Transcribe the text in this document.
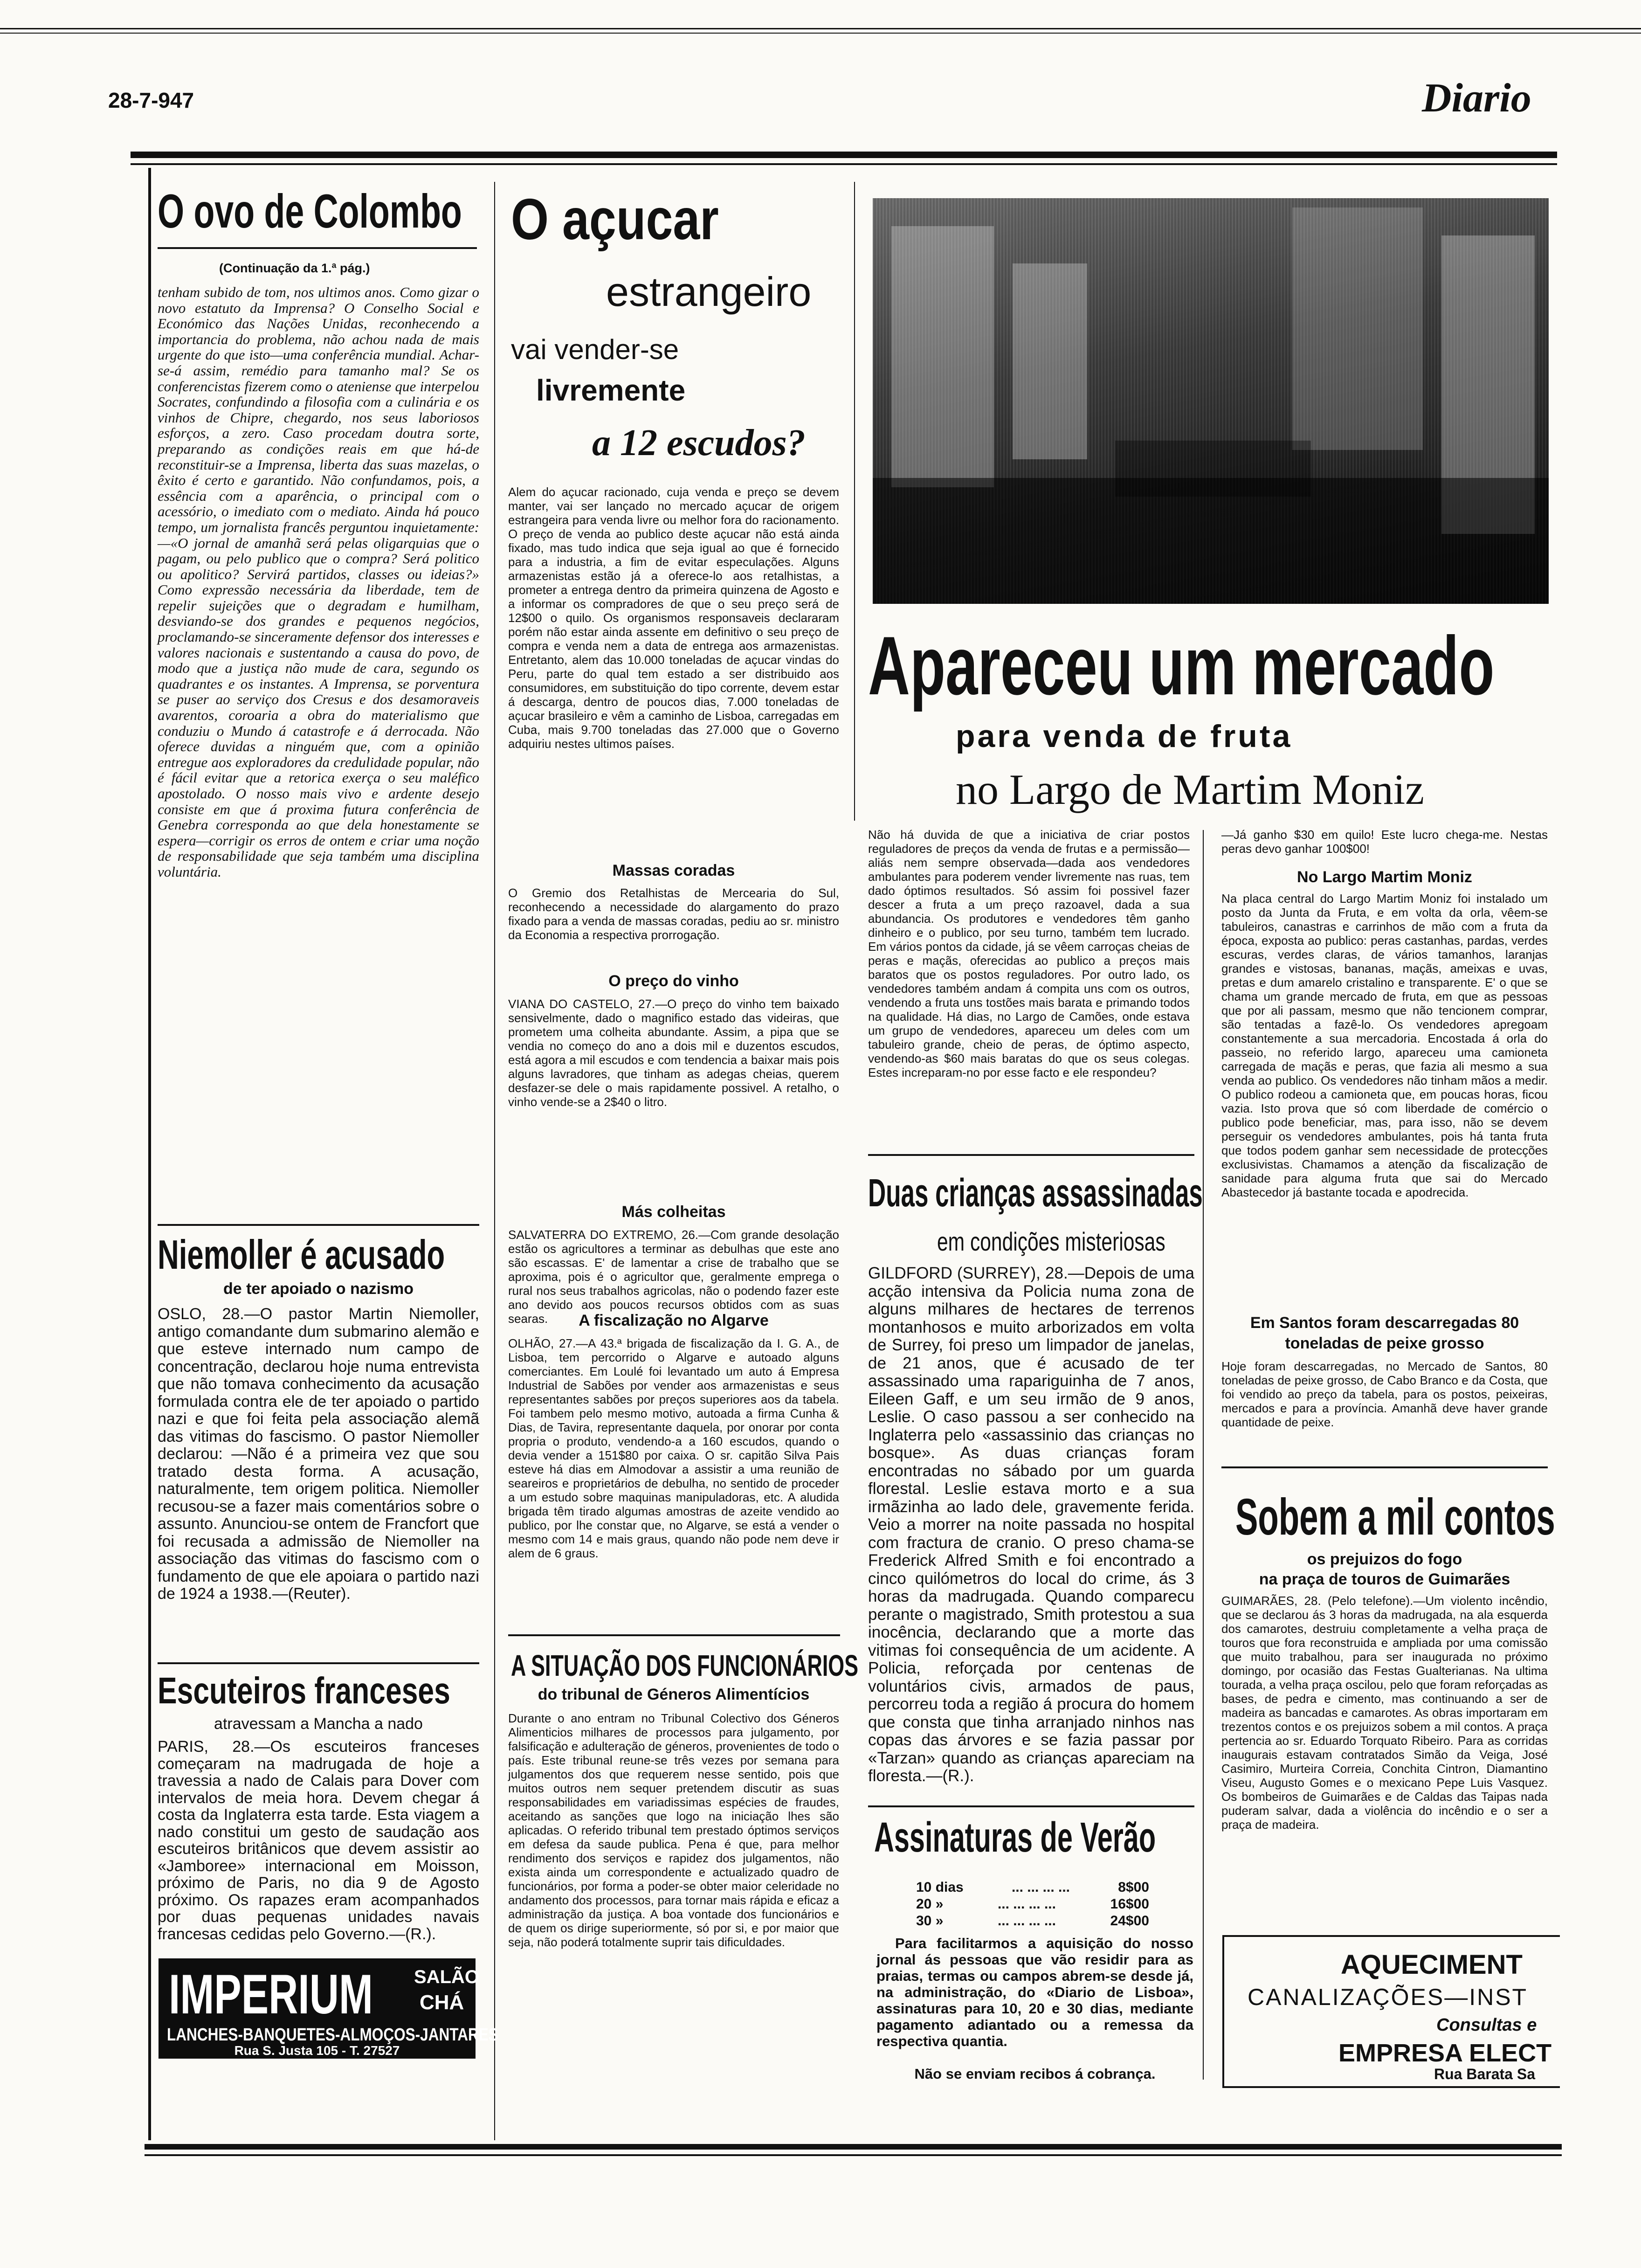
28-7-947	Diario
O ovo de Colombo
(Continuação da 1.ª pág.)

tenham subido de tom, nos ultimos anos. Como gizar o novo estatuto da Imprensa? O Conselho Social e Económico das Nações Unidas, reconhecendo a importancia do problema, não achou nada de mais urgente do que isto—uma conferência mundial. Achar-se-á assim, remédio para tamanho mal? Se os conferencistas fizerem como o ateniense que interpelou Socrates, confundindo a filosofia com a culinária e os vinhos de Chipre, chegardo, nos seus laboriosos esforços, a zero. Caso procedam doutra sorte, preparando as condições reais em que há-de reconstituir-se a Imprensa, liberta das suas mazelas, o êxito é certo e garantido. Não confundamos, pois, a essência com a aparência, o principal com o acessório, o imediato com o mediato. Ainda há pouco tempo, um jornalista francês perguntou inquietamente: —«O jornal de amanhã será pelas oligarquias que o pagam, ou pelo publico que o compra? Será politico ou apolitico? Servirá partidos, classes ou ideias?» Como expressão necessária da liberdade, tem de repelir sujeições que o degradam e humilham, desviando-se dos grandes e pequenos negócios, proclamando-se sinceramente defensor dos interesses e valores nacionais e sustentando a causa do povo, de modo que a justiça não mude de cara, segundo os quadrantes e os instantes. A Imprensa, se porventura se puser ao serviço dos Cresus e dos desamoraveis avarentos, coroaria a obra do materialismo que conduziu o Mundo á catastrofe e á derrocada. Não oferece duvidas a ninguém que, com a opinião entregue aos exploradores da credulidade popular, não é fácil evitar que a retorica exerça o seu maléfico apostolado. O nosso mais vivo e ardente desejo consiste em que á proxima futura conferência de Genebra corresponda ao que dela honestamente se espera—corrigir os erros de ontem e criar uma noção de responsabilidade que seja também uma disciplina voluntária.

Niemoller é acusado
de ter apoiado o nazismo

OSLO, 28.—O pastor Martin Niemoller, antigo comandante dum submarino alemão e que esteve internado num campo de concentração, declarou hoje numa entrevista que não tomava conhecimento da acusação formulada contra ele de ter apoiado o partido nazi e que foi feita pela associação alemã das vitimas do fascismo. O pastor Niemoller declarou: —Não é a primeira vez que sou tratado desta forma. A acusação, naturalmente, tem origem politica. Niemoller recusou-se a fazer mais comentários sobre o assunto. Anunciou-se ontem de Francfort que foi recusada a admissão de Niemoller na associação das vitimas do fascismo com o fundamento de que ele apoiara o partido nazi de 1924 a 1938.—(Reuter).

Escuteiros franceses
atravessam a Mancha a nado

PARIS, 28.—Os escuteiros franceses começaram na madrugada de hoje a travessia a nado de Calais para Dover com intervalos de meia hora. Devem chegar á costa da Inglaterra esta tarde. Esta viagem a nado constitui um gesto de saudação aos escuteiros britânicos que devem assistir ao «Jamboree» internacional em Moisson, próximo de Paris, no dia 9 de Agosto próximo. Os rapazes eram acompanhados por duas pequenas unidades navais francesas cedidas pelo Governo.—(R.).

IMPERIUM SALÃO
CHÁ
LANCHES-BANQUETES-ALMOÇOS-JANTARES
Rua S. Justa 105 - T. 27527
O açucar
estrangeiro
vai vender-se
livremente
a 12 escudos?

Alem do açucar racionado, cuja venda e preço se devem manter, vai ser lançado no mercado açucar de origem estrangeira para venda livre ou melhor fora do racionamento. O preço de venda ao publico deste açucar não está ainda fixado, mas tudo indica que seja igual ao que é fornecido para a industria, a fim de evitar especulações. Alguns armazenistas estão já a oferece-lo aos retalhistas, a prometer a entrega dentro da primeira quinzena de Agosto e a informar os compradores de que o seu preço será de 12$00 o quilo. Os organismos responsaveis declararam porém não estar ainda assente em definitivo o seu preço de compra e venda nem a data de entrega aos armazenistas. Entretanto, alem das 10.000 toneladas de açucar vindas do Peru, parte do qual tem estado a ser distribuido aos consumidores, em substituição do tipo corrente, devem estar á descarga, dentro de poucos dias, 7.000 toneladas de açucar brasileiro e vêm a caminho de Lisboa, carregadas em Cuba, mais 9.700 toneladas das 27.000 que o Governo adquiriu nestes ultimos países.

Massas coradas

O Gremio dos Retalhistas de Mercearia do Sul, reconhecendo a necessidade do alargamento do prazo fixado para a venda de massas coradas, pediu ao sr. ministro da Economia a respectiva prorrogação.

O preço do vinho

VIANA DO CASTELO, 27.—O preço do vinho tem baixado sensivelmente, dado o magnifico estado das videiras, que prometem uma colheita abundante. Assim, a pipa que se vendia no começo do ano a dois mil e duzentos escudos, está agora a mil escudos e com tendencia a baixar mais pois alguns lavradores, que tinham as adegas cheias, querem desfazer-se dele o mais rapidamente possivel. A retalho, o vinho vende-se a 2$40 o litro.

Más colheitas

SALVATERRA DO EXTREMO, 26.—Com grande desolação estão os agricultores a terminar as debulhas que este ano são escassas. E' de lamentar a crise de trabalho que se aproxima, pois é o agricultor que, geralmente emprega o rural nos seus trabalhos agricolas, não o podendo fazer este ano devido aos poucos recursos obtidos com as suas searas.	A fiscalização no Algarve

OLHÃO, 27.—A 43.ª brigada de fiscalização da I. G. A., de Lisboa, tem percorrido o Algarve e autoado alguns comerciantes. Em Loulé foi levantado um auto á Empresa Industrial de Sabões por vender aos armazenistas e seus representantes sabões por preços superiores aos da tabela. Foi tambem pelo mesmo motivo, autoada a firma Cunha & Dias, de Tavira, representante daquela, por onorar por conta propria o produto, vendendo-a a 160 escudos, quando o devia vender a 151$80 por caixa. O sr. capitão Silva Pais esteve há dias em Almodovar a assistir a uma reunião de seareiros e proprietários de debulha, no sentido de proceder a um estudo sobre maquinas manipuladoras, etc. A aludida brigada têm tirado algumas amostras de azeite vendido ao publico, por lhe constar que, no Algarve, se está a vender o mesmo com 14 e mais graus, quando não pode nem deve ir alem de 6 graus.

A SITUAÇÃO DOS FUNCIONÁRIOS
do tribunal de Géneros Alimentícios

Durante o ano entram no Tribunal Colectivo dos Géneros Alimenticios milhares de processos para julgamento, por falsificação e adulteração de géneros, provenientes de todo o país. Este tribunal reune-se três vezes por semana para julgamentos dos que requerem nesse sentido, pois que muitos outros nem sequer pretendem discutir as suas responsabilidades em variadissimas espécies de fraudes, aceitando as sanções que logo na iniciação lhes são aplicadas. O referido tribunal tem prestado óptimos serviços em defesa da saude publica. Pena é que, para melhor rendimento dos serviços e rapidez dos julgamentos, não exista ainda um correspondente e actualizado quadro de funcionários, por forma a poder-se obter maior celeridade no andamento dos processos, para tornar mais rápida e eficaz a administração da justiça. A boa vontade dos funcionários e de quem os dirige superiormente, só por si, e por maior que seja, não poderá totalmente suprir tais dificuldades.

Apareceu um mercado
para venda de fruta
no Largo de Martim Moniz

Não há duvida de que a iniciativa de criar postos reguladores de preços da venda de frutas e a permissão—aliás nem sempre observada—dada aos vendedores ambulantes para poderem vender livremente nas ruas, tem dado óptimos resultados. Só assim foi possivel fazer descer a fruta a um preço razoavel, dada a sua abundancia. Os produtores e vendedores têm ganho dinheiro e o publico, por seu turno, também tem lucrado. Em vários pontos da cidade, já se vêem carroças cheias de peras e maçãs, oferecidas ao publico a preços mais baratos que os postos reguladores. Por outro lado, os vendedores também andam á compita uns com os outros, vendendo a fruta uns tostões mais barata e primando todos na qualidade. Há dias, no Largo de Camões, onde estava um grupo de vendedores, apareceu um deles com um tabuleiro grande, cheio de peras, de óptimo aspecto, vendendo-as $60 mais baratas do que os seus colegas. Estes increparam-no por esse facto e ele respondeu?

—Já ganho $30 em quilo! Este lucro chega-me. Nestas peras devo ganhar 100$00!

No Largo Martim Moniz

Na placa central do Largo Martim Moniz foi instalado um posto da Junta da Fruta, e em volta da orla, vêem-se tabuleiros, canastras e carrinhos de mão com a fruta da época, exposta ao publico: peras castanhas, pardas, verdes escuras, verdes claras, de vários tamanhos, laranjas grandes e vistosas, bananas, maçãs, ameixas e uvas, pretas e dum amarelo cristalino e transparente. E' o que se chama um grande mercado de fruta, em que as pessoas que por ali passam, mesmo que não tencionem comprar, são tentadas a fazê-lo. Os vendedores apregoam constantemente a sua mercadoria. Encostada á orla do passeio, no referido largo, apareceu uma camioneta carregada de maçãs e peras, que fazia ali mesmo a sua venda ao publico. Os vendedores não tinham mãos a medir. O publico rodeou a camioneta que, em poucas horas, ficou vazia. Isto prova que só com liberdade de comércio o publico pode beneficiar, mas, para isso, não se devem perseguir os vendedores ambulantes, pois há tanta fruta que todos podem ganhar sem necessidade de protecções exclusivistas. Chamamos a atenção da fiscalização de sanidade para alguma fruta que sai do Mercado Abastecedor já bastante tocada e apodrecida.

Em Santos foram descarregadas 80 toneladas de peixe grosso

Hoje foram descarregadas, no Mercado de Santos, 80 toneladas de peixe grosso, de Cabo Branco e da Costa, que foi vendido ao preço da tabela, para os postos, peixeiras, mercados e para a província. Amanhã deve haver grande quantidade de peixe.

Duas crianças assassinadas
em condições misteriosas

GILDFORD (SURREY), 28.—Depois de uma acção intensiva da Policia numa zona de alguns milhares de hectares de terrenos montanhosos e muito arborizados em volta de Surrey, foi preso um limpador de janelas, de 21 anos, que é acusado de ter assassinado uma rapariguinha de 7 anos, Eileen Gaff, e um seu irmão de 9 anos, Leslie. O caso passou a ser conhecido na Inglaterra pelo «assassinio das crianças no bosque». As duas crianças foram encontradas no sábado por um guarda florestal. Leslie estava morto e a sua irmãzinha ao lado dele, gravemente ferida. Veio a morrer na noite passada no hospital com fractura de cranio. O preso chama-se Frederick Alfred Smith e foi encontrado a cinco quilómetros do local do crime, ás 3 horas da madrugada. Quando comparecu perante o magistrado, Smith protestou a sua inocência, declarando que a morte das vitimas foi consequência de um acidente. A Policia, reforçada por centenas de voluntários civis, armados de paus, percorreu toda a região á procura do homem que consta que tinha arranjado ninhos nas copas das árvores e se fazia passar por «Tarzan» quando as crianças apareciam na floresta.—(R.).

Assinaturas de Verão
10 dias	... ... ... ...	8$00
20 »	... ... ... ...	16$00
30 »	... ... ... ...	24$00

Para facilitarmos a aquisição do nosso jornal ás pessoas que vão residir para as praias, termas ou campos abrem-se desde já, na administração, do «Diario de Lisboa», assinaturas para 10, 20 e 30 dias, mediante pagamento adiantado ou a remessa da respectiva quantia.

Não se enviam recibos á cobrança.
Sobem a mil contos
os prejuizos do fogo
na praça de touros de Guimarães

GUIMARÃES, 28. (Pelo telefone).—Um violento incêndio, que se declarou ás 3 horas da madrugada, na ala esquerda dos camarotes, destruiu completamente a velha praça de touros que fora reconstruida e ampliada por uma comissão que muito trabalhou, para ser inaugurada no próximo domingo, por ocasião das Festas Gualterianas. Na ultima tourada, a velha praça oscilou, pelo que foram reforçadas as bases, de pedra e cimento, mas continuando a ser de madeira as bancadas e camarotes. As obras importaram em trezentos contos e os prejuizos sobem a mil contos. A praça pertencia ao sr. Eduardo Torquato Ribeiro. Para as corridas inaugurais estavam contratados Simão da Veiga, José Casimiro, Murteira Correia, Conchita Cintron, Diamantino Viseu, Augusto Gomes e o mexicano Pepe Luis Vasquez. Os bombeiros de Guimarães e de Caldas das Taipas nada puderam salvar, dada a violência do incêndio e o ser a praça de madeira.

AQUECIMENT
CANALIZAÇÕES—INST
Consultas e
EMPRESA ELECT
Rua Barata Sa
